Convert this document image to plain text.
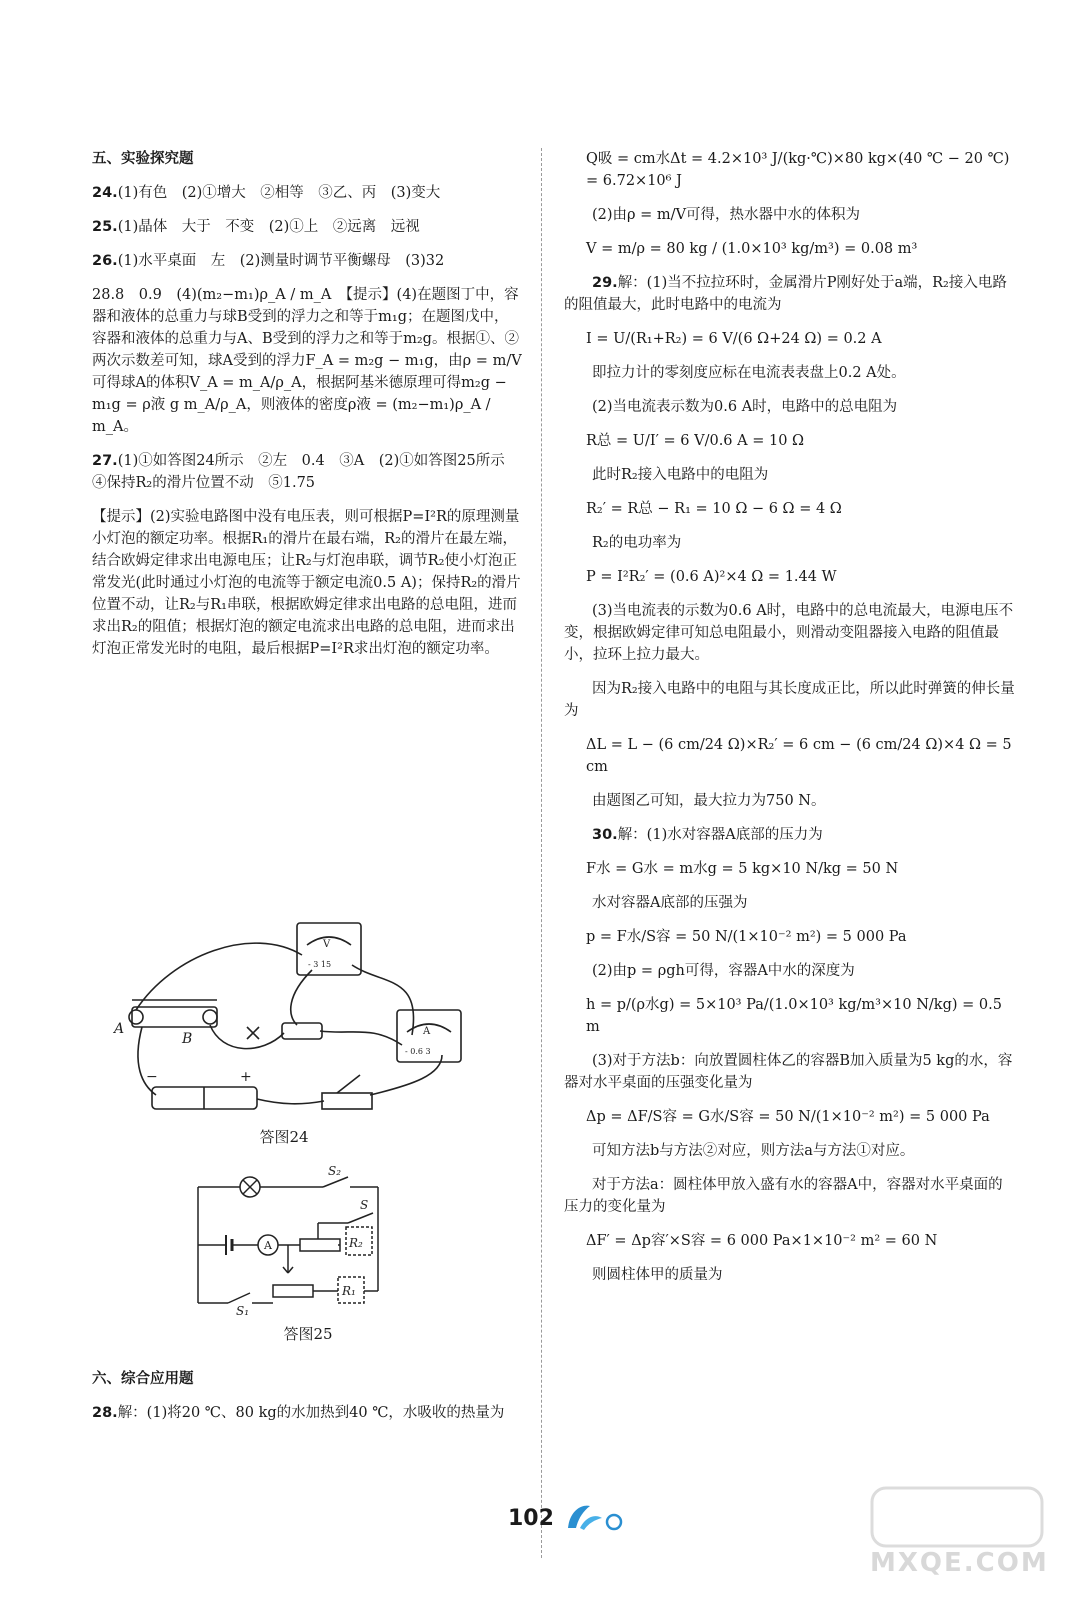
五、实验探究题

24.(1)有色　(2)①增大　②相等　③乙、丙　(3)变大

25.(1)晶体　大于　不变　(2)①上　②远离　远视

26.(1)水平桌面　左　(2)测量时调节平衡螺母　(3)32

28.8　0.9　(4)(m₂−m₁)ρ_A / m_A　【提示】(4)在题图丁中，容器和液体的总重力与球B受到的浮力之和等于m₁g；在题图戊中，容器和液体的总重力与A、B受到的浮力之和等于m₂g。根据①、②两次示数差可知，球A受到的浮力F_A = m₂g − m₁g，由ρ = m/V可得球A的体积V_A = m_A/ρ_A，根据阿基米德原理可得m₂g − m₁g = ρ液 g m_A/ρ_A，则液体的密度ρ液 = (m₂−m₁)ρ_A / m_A。

27.(1)①如答图24所示　②左　0.4　③A　(2)①如答图25所示　④保持R₂的滑片位置不动　⑤1.75

【提示】(2)实验电路图中没有电压表，则可根据P=I²R的原理测量小灯泡的额定功率。根据R₁的滑片在最右端，R₂的滑片在最左端，结合欧姆定律求出电源电压；让R₂与灯泡串联，调节R₂使小灯泡正常发光(此时通过小灯泡的电流等于额定电流0.5 A)；保持R₂的滑片位置不动，让R₂与R₁串联，根据欧姆定律求出电路的总电阻，进而求出R₂的阻值；根据灯泡的额定电流求出电路的总电阻，进而求出灯泡正常发光时的电阻，最后根据P=I²R求出灯泡的额定功率。

A
B
−	+
V
- 3 15
A
- 0.6 3
答图24
S₂
S
S₁
R₂
R₁
A
答图25

六、综合应用题

28.解：(1)将20 ℃、80 kg的水加热到40 ℃，水吸收的热量为

Q吸 = cm水Δt = 4.2×10³ J/(kg·℃)×80 kg×(40 ℃ − 20 ℃) = 6.72×10⁶ J

(2)由ρ = m/V可得，热水器中水的体积为

V = m/ρ = 80 kg / (1.0×10³ kg/m³) = 0.08 m³

29.解：(1)当不拉拉环时，金属滑片P刚好处于a端，R₂接入电路的阻值最大，此时电路中的电流为

I = U/(R₁+R₂) = 6 V/(6 Ω+24 Ω) = 0.2 A

即拉力计的零刻度应标在电流表表盘上0.2 A处。

(2)当电流表示数为0.6 A时，电路中的总电阻为

R总 = U/I′ = 6 V/0.6 A = 10 Ω

此时R₂接入电路中的电阻为

R₂′ = R总 − R₁ = 10 Ω − 6 Ω = 4 Ω

R₂的电功率为

P = I²R₂′ = (0.6 A)²×4 Ω = 1.44 W

(3)当电流表的示数为0.6 A时，电路中的总电流最大，电源电压不变，根据欧姆定律可知总电阻最小，则滑动变阻器接入电路的阻值最小，拉环上拉力最大。

因为R₂接入电路中的电阻与其长度成正比，所以此时弹簧的伸长量为

ΔL = L − (6 cm/24 Ω)×R₂′ = 6 cm − (6 cm/24 Ω)×4 Ω = 5 cm

由题图乙可知，最大拉力为750 N。

30.解：(1)水对容器A底部的压力为

F水 = G水 = m水g = 5 kg×10 N/kg = 50 N

水对容器A底部的压强为

p = F水/S容 = 50 N/(1×10⁻² m²) = 5 000 Pa

(2)由p = ρgh可得，容器A中水的深度为

h = p/(ρ水g) = 5×10³ Pa/(1.0×10³ kg/m³×10 N/kg) = 0.5 m

(3)对于方法b：向放置圆柱体乙的容器B加入质量为5 kg的水，容器对水平桌面的压强变化量为

Δp = ΔF/S容 = G水/S容 = 50 N/(1×10⁻² m²) = 5 000 Pa

可知方法b与方法②对应，则方法a与方法①对应。

对于方法a：圆柱体甲放入盛有水的容器A中，容器对水平桌面的压力的变化量为

ΔF′ = Δp容′×S容 = 6 000 Pa×1×10⁻² m² = 60 N

则圆柱体甲的质量为

102
MXQE.COM
